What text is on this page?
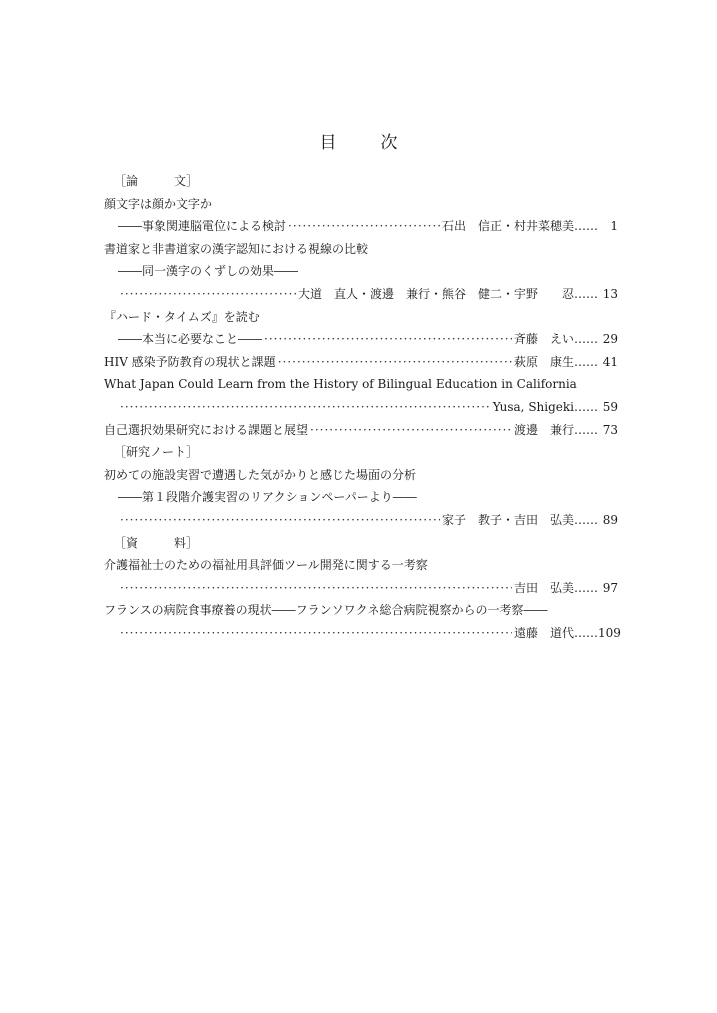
目	次
［論　　　文］
顔文字は顔か文字か
――事象関連脳電位による検討 ·····	石出　信正・村井菜穂美……	1
書道家と非書道家の漢字認知における視線の比較
――同一漢字のくずしの効果――
·····
大道　直人・渡邊　兼行・熊谷　健二・宇野　　忍…… 13
『ハード・タイムズ』を読む
――本当に必要なこと―― ·····	斉藤　えい…… 29
HIV 感染予防教育の現状と課題 ·····	萩原　康生…… 41
What Japan Could Learn from the History of Bilingual Education in California
·····
Yusa, Shigeki…… 59
自己選択効果研究における課題と展望 ·····	渡邊　兼行…… 73
［研究ノート］
初めての施設実習で遭遇した気がかりと感じた場面の分析
――第１段階介護実習のリアクションペーパーより――
·····
家子　教子・吉田　弘美…… 89
［資　　　料］
介護福祉士のための福祉用具評価ツール開発に関する一考察
·····
吉田　弘美…… 97
フランスの病院食事療養の現状――フランソワクネ総合病院視察からの一考察――
·····
遠藤　道代…… 109
